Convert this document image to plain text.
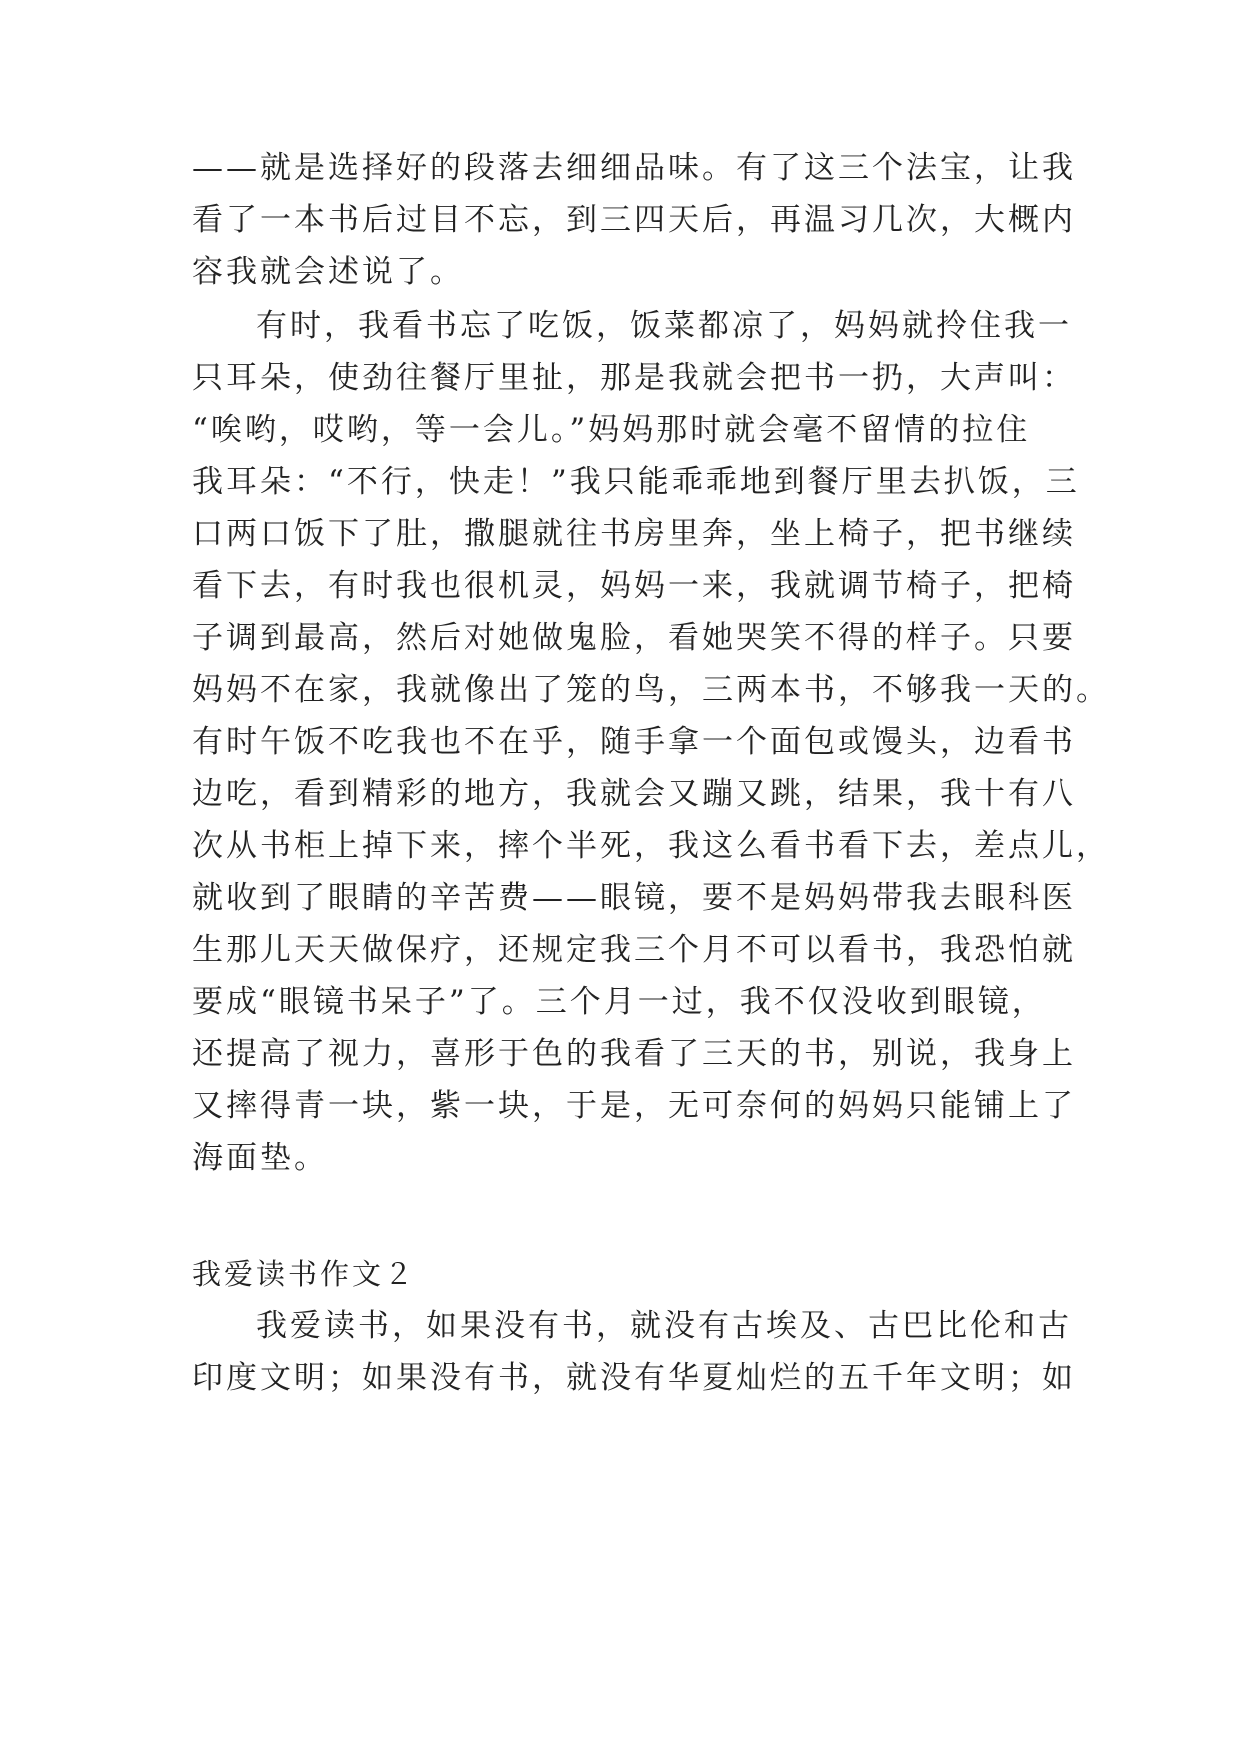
——就是选择好的段落去细细品味。有了这三个法宝，让我
看了一本书后过目不忘，到三四天后，再温习几次，大概内
容我就会述说了。
有时，我看书忘了吃饭，饭菜都凉了，妈妈就拎住我一
只耳朵，使劲往餐厅里扯，那是我就会把书一扔，大声叫：
“唉哟，哎哟，等一会儿。”妈妈那时就会毫不留情的拉住
我耳朵：“不行，快走！”我只能乖乖地到餐厅里去扒饭，三
口两口饭下了肚，撒腿就往书房里奔，坐上椅子，把书继续
看下去，有时我也很机灵，妈妈一来，我就调节椅子，把椅
子调到最高，然后对她做鬼脸，看她哭笑不得的样子。只要
妈妈不在家，我就像出了笼的鸟，三两本书，不够我一天的。
有时午饭不吃我也不在乎，随手拿一个面包或馒头，边看书
边吃，看到精彩的地方，我就会又蹦又跳，结果，我十有八
次从书柜上掉下来，摔个半死，我这么看书看下去，差点儿，
就收到了眼睛的辛苦费——眼镜，要不是妈妈带我去眼科医
生那儿天天做保疗，还规定我三个月不可以看书，我恐怕就
要成“眼镜书呆子”了。三个月一过，我不仅没收到眼镜，
还提高了视力，喜形于色的我看了三天的书，别说，我身上
又摔得青一块，紫一块，于是，无可奈何的妈妈只能铺上了
海面垫。
我爱读书作文２
我爱读书，如果没有书，就没有古埃及、古巴比伦和古
印度文明；如果没有书，就没有华夏灿烂的五千年文明；如
